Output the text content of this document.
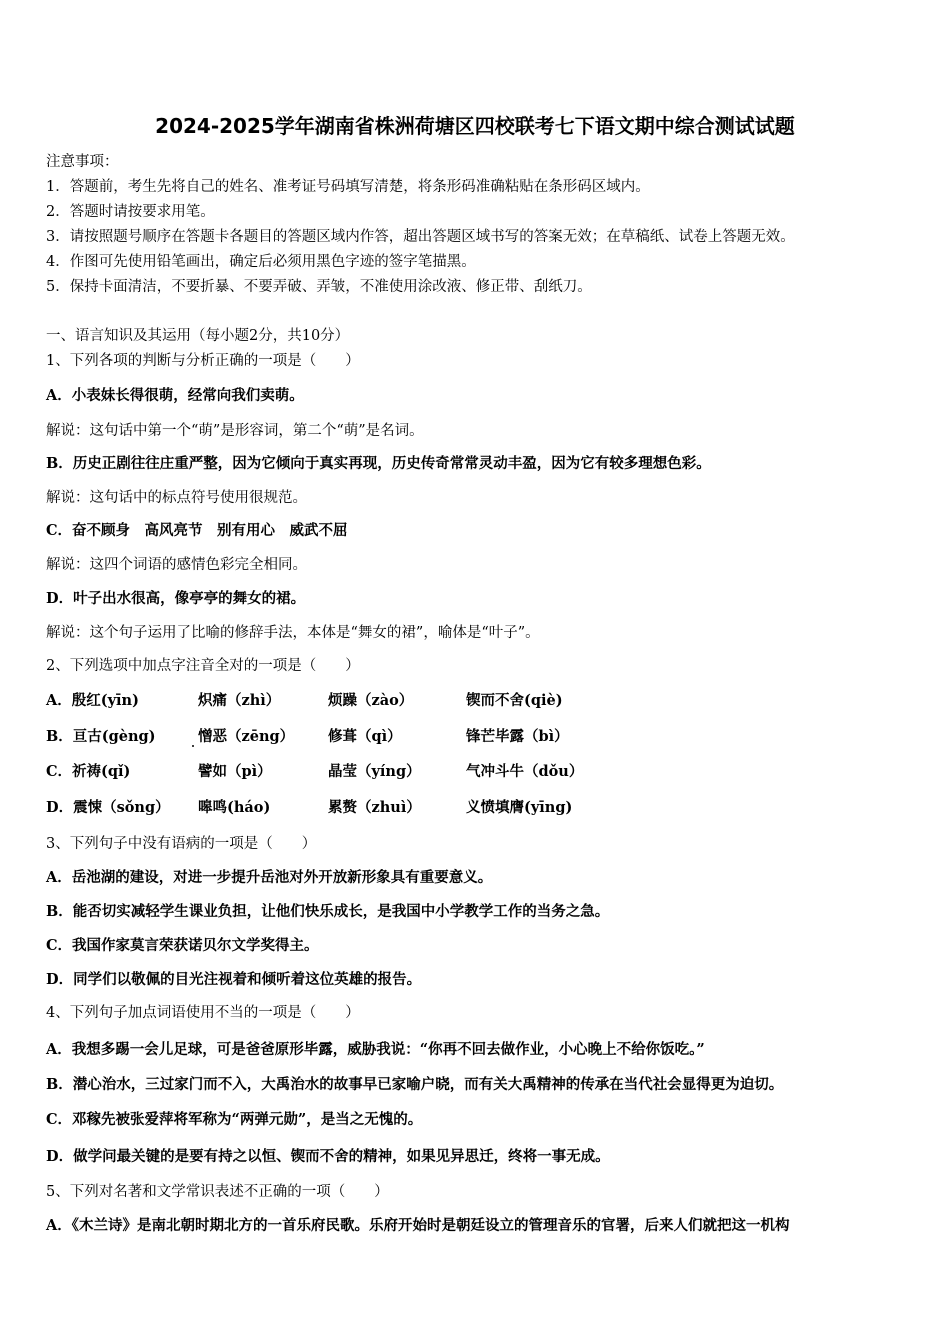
2024-2025学年湖南省株洲荷塘区四校联考七下语文期中综合测试试题
注意事项：
1．答题前，考生先将自己的姓名、准考证号码填写清楚，将条形码准确粘贴在条形码区域内。
2．答题时请按要求用笔。
3．请按照题号顺序在答题卡各题目的答题区域内作答，超出答题区域书写的答案无效；在草稿纸、试卷上答题无效。
4．作图可先使用铅笔画出，确定后必须用黑色字迹的签字笔描黑。
5．保持卡面清洁，不要折暴、不要弄破、弄皱，不准使用涂改液、修正带、刮纸刀。
一、语言知识及其运用（每小题2分，共10分）
1、下列各项的判断与分析正确的一项是（　　）
A．小表妹长得很萌，经常向我们卖萌。
解说：这句话中第一个“萌”是形容词，第二个“萌”是名词。
B．历史正剧往往庄重严整，因为它倾向于真实再现，历史传奇常常灵动丰盈，因为它有较多理想色彩。
解说：这句话中的标点符号使用很规范。
C．奋不顾身　高风亮节　别有用心　威武不屈
解说：这四个词语的感情色彩完全相同。
D．叶子出水很高，像亭亭的舞女的裙。
解说：这个句子运用了比喻的修辞手法，本体是“舞女的裙”，喻体是“叶子”。
2、下列选项中加点字注音全对的一项是（　　）
A．殷红(yīn)	炽痛（zhì）	烦躁（zào）	锲而不舍(qiè)
B．亘古(gèng)	憎恶（zēng） 修葺（qì）	锋芒毕露（bì）
C．祈祷(qǐ)	譬如（pì）	晶莹（yíng）	气冲斗牛（dǒu）
D．震悚（sǒng） 嗥鸣(háo)	累赘（zhuì）	义愤填膺(yīng)
3、下列句子中没有语病的一项是（　　）
A．岳池湖的建设，对进一步提升岳池对外开放新形象具有重要意义。
B．能否切实减轻学生课业负担，让他们快乐成长，是我国中小学教学工作的当务之急。
C．我国作家莫言荣获诺贝尔文学奖得主。
D．同学们以敬佩的目光注视着和倾听着这位英雄的报告。
4、下列句子加点词语使用不当的一项是（　　）
A．我想多踢一会儿足球，可是爸爸原形毕露，威胁我说：“你再不回去做作业，小心晚上不给你饭吃。”
B．潜心治水，三过家门而不入，大禹治水的故事早已家喻户晓，而有关大禹精神的传承在当代社会显得更为迫切。
C．邓稼先被张爱萍将军称为“两弹元勋”，是当之无愧的。
D．做学问最关键的是要有持之以恒、锲而不舍的精神，如果见异思迁，终将一事无成。
5、下列对名著和文学常识表述不正确的一项（　　）
A．《木兰诗》是南北朝时期北方的一首乐府民歌。乐府开始时是朝廷设立的管理音乐的官署，后来人们就把这一机构
